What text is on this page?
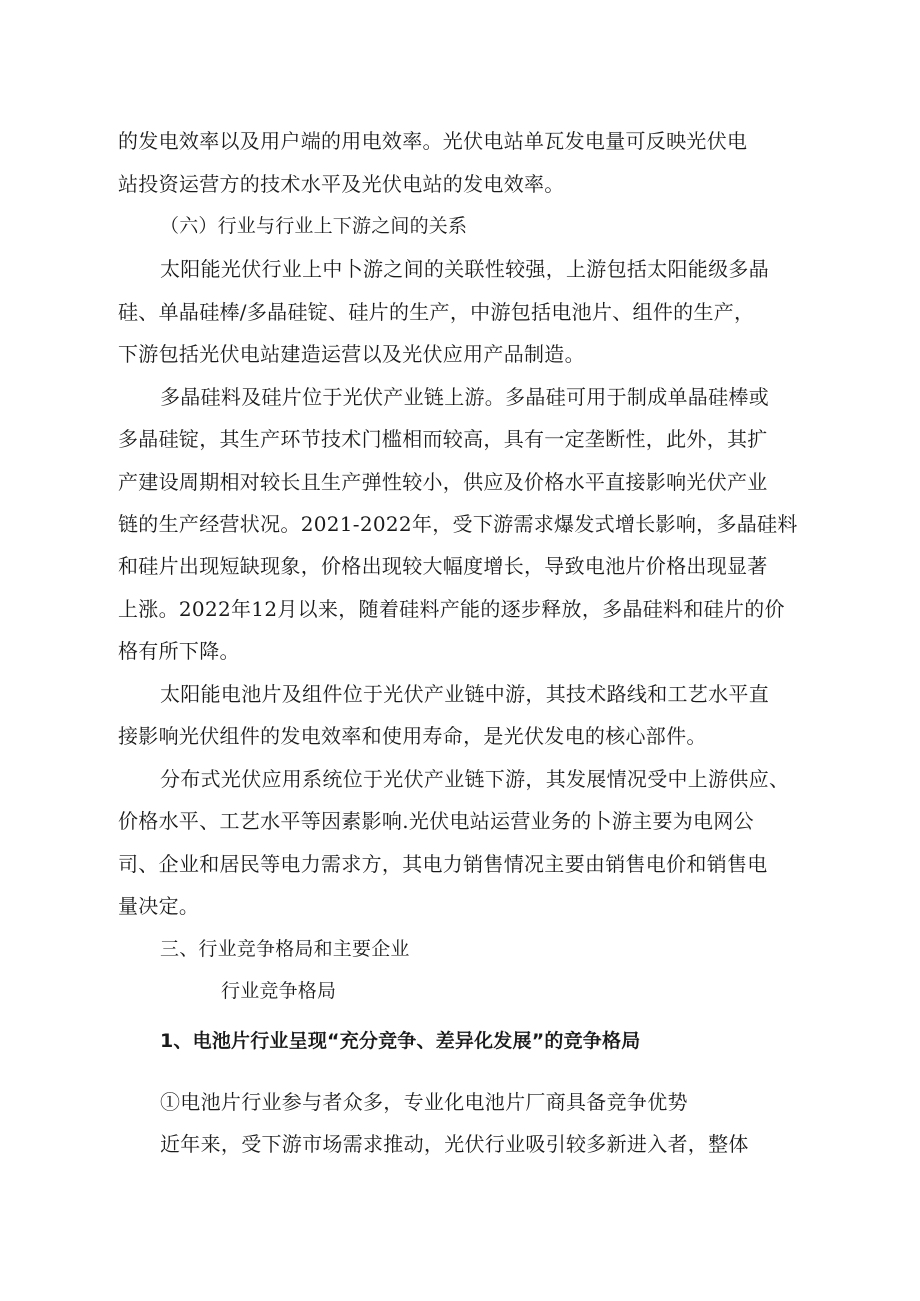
的发电效率以及用户端的用电效率。光伏电站单瓦发电量可反映光伏电
站投资运营方的技术水平及光伏电站的发电效率。
（六）行业与行业上下游之间的关系
太阳能光伏行业上中卜游之间的关联性较强，上游包括太阳能级多晶
硅、单晶硅棒/多晶硅锭、硅片的生产，中游包括电池片、组件的生产，
下游包括光伏电站建造运营以及光伏应用产品制造。
多晶硅料及硅片位于光伏产业链上游。多晶硅可用于制成单晶硅棒或
多晶硅锭，其生产环节技术门槛相而较高，具有一定垄断性，此外，其扩
产建设周期相对较长且生产弹性较小，供应及价格水平直接影响光伏产业
链的生产经营状况。2021-2022年，受下游需求爆发式增长影响，多晶硅料
和硅片出现短缺现象，价格出现较大幅度增长，导致电池片价格出现显著
上涨。2022年12月以来，随着硅料产能的逐步释放，多晶硅料和硅片的价
格有所下降。
太阳能电池片及组件位于光伏产业链中游，其技术路线和工艺水平直
接影响光伏组件的发电效率和使用寿命，是光伏发电的核心部件。
分布式光伏应用系统位于光伏产业链下游，其发展情况受中上游供应、
价格水平、工艺水平等因素影响.光伏电站运营业务的卜游主要为电网公
司、企业和居民等电力需求方，其电力销售情况主要由销售电价和销售电
量决定。
三、行业竞争格局和主要企业
行业竞争格局
1、电池片行业呈现“充分竞争、差异化发展”的竞争格局
①电池片行业参与者众多，专业化电池片厂商具备竞争优势
近年来，受下游市场需求推动，光伏行业吸引较多新进入者，整体
